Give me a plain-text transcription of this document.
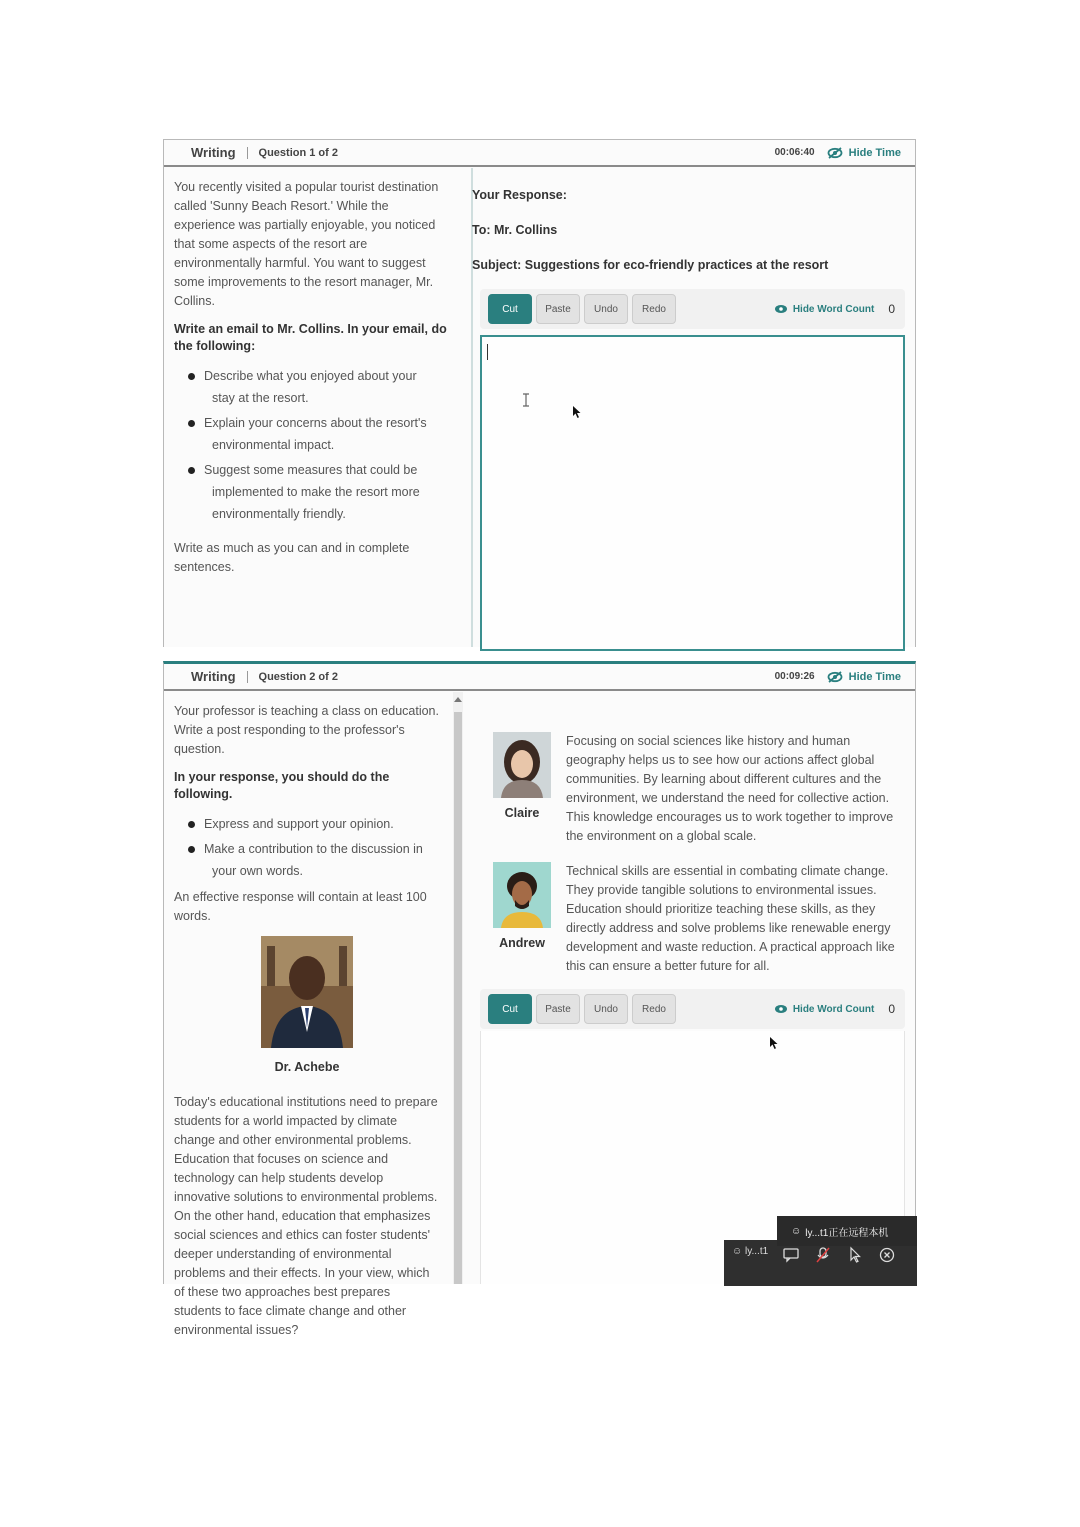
Writing Question 1 of 2	00:06:40	Hide Time

You recently visited a popular tourist destination called 'Sunny Beach Resort.' While the experience was partially enjoyable, you noticed that some aspects of the resort are environmentally harmful. You want to suggest some improvements to the resort manager, Mr. Collins.

Write an email to Mr. Collins. In your email, do the following:

Describe what you enjoyed about your
stay at the resort.
Explain your concerns about the resort's
environmental impact.
Suggest some measures that could be
implemented to make the resort more
environmentally friendly.

Write as much as you can and in complete sentences.

Your Response:
To: Mr. Collins
Subject: Suggestions for eco-friendly practices at the resort
Cut	Paste	Undo	Redo	Hide Word Count 0
Writing Question 2 of 2	00:09:26	Hide Time

Your professor is teaching a class on education. Write a post responding to the professor's question.

In your response, you should do the following.

Express and support your opinion.
Make a contribution to the discussion in
your own words.

An effective response will contain at least 100 words.

Dr. Achebe

Today's educational institutions need to prepare students for a world impacted by climate change and other environmental problems. Education that focuses on science and technology can help students develop innovative solutions to environmental problems. On the other hand, education that emphasizes social sciences and ethics can foster students' deeper understanding of environmental problems and their effects. In your view, which of these two approaches best prepares students to face climate change and other environmental issues?

Claire
Focusing on social sciences like history and human geography helps us to see how our actions affect global communities. By learning about different cultures and the environment, we understand the need for collective action. This knowledge encourages us to work together to improve the environment on a global scale.
Andrew
Technical skills are essential in combating climate change. They provide tangible solutions to environmental issues. Education should prioritize teaching these skills, as they directly address and solve problems like renewable energy development and waste reduction. A practical approach like this can ensure a better future for all.
Cut	Paste	Undo	Redo	Hide Word Count 0
☺ ly...t1
☺ ly...t1正在远程本机
